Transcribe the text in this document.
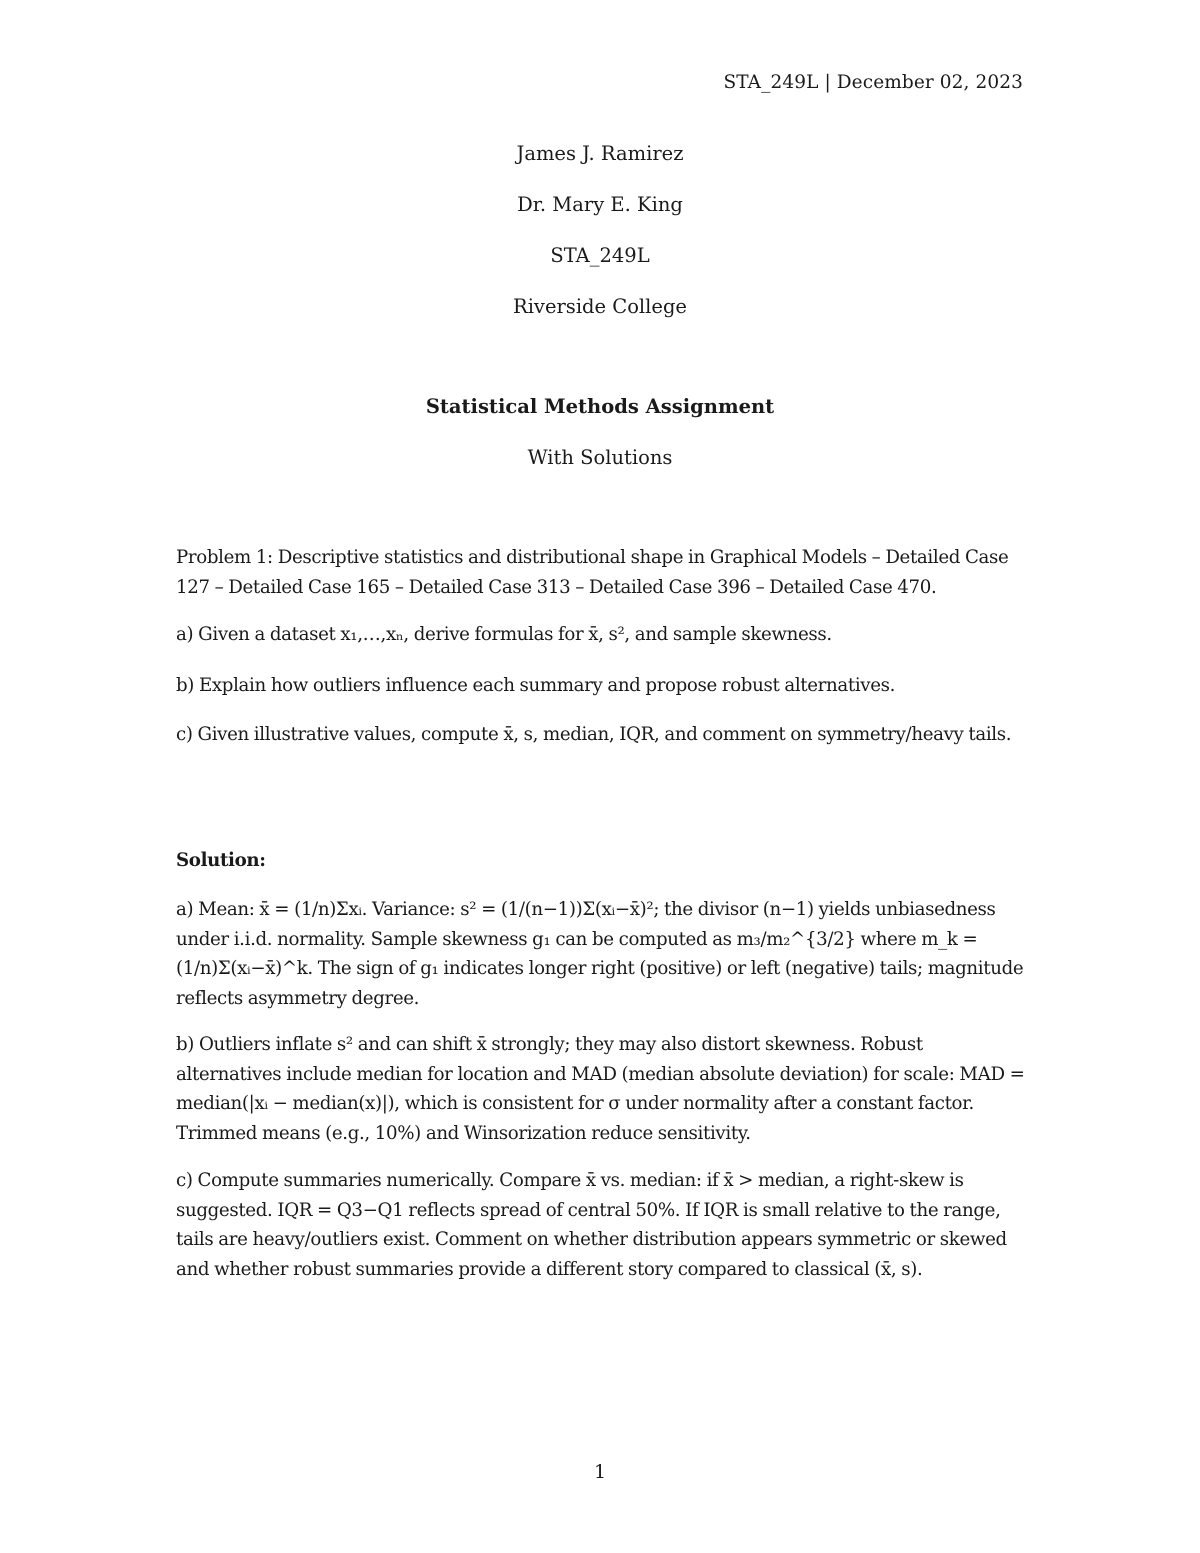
STA_249L | December 02, 2023
James J. Ramirez
Dr. Mary E. King
STA_249L
Riverside College
Statistical Methods Assignment
With Solutions
Problem 1: Descriptive statistics and distributional shape in Graphical Models – Detailed Case 127 – Detailed Case 165 – Detailed Case 313 – Detailed Case 396 – Detailed Case 470.
a) Given a dataset x₁,…,xₙ, derive formulas for x̄, s², and sample skewness.
b) Explain how outliers influence each summary and propose robust alternatives.
c) Given illustrative values, compute x̄, s, median, IQR, and comment on symmetry/heavy tails.
Solution:
a) Mean: x̄ = (1/n)Σxᵢ. Variance: s² = (1/(n−1))Σ(xᵢ−x̄)²; the divisor (n−1) yields unbiasedness under i.i.d. normality. Sample skewness g₁ can be computed as m₃/m₂^{3/2} where m_k = (1/n)Σ(xᵢ−x̄)^k. The sign of g₁ indicates longer right (positive) or left (negative) tails; magnitude reflects asymmetry degree.
b) Outliers inflate s² and can shift x̄ strongly; they may also distort skewness. Robust alternatives include median for location and MAD (median absolute deviation) for scale: MAD = median(|xᵢ − median(x)|), which is consistent for σ under normality after a constant factor. Trimmed means (e.g., 10%) and Winsorization reduce sensitivity.
c) Compute summaries numerically. Compare x̄ vs. median: if x̄ > median, a right-skew is suggested. IQR = Q3−Q1 reflects spread of central 50%. If IQR is small relative to the range, tails are heavy/outliers exist. Comment on whether distribution appears symmetric or skewed and whether robust summaries provide a different story compared to classical (x̄, s).
1
